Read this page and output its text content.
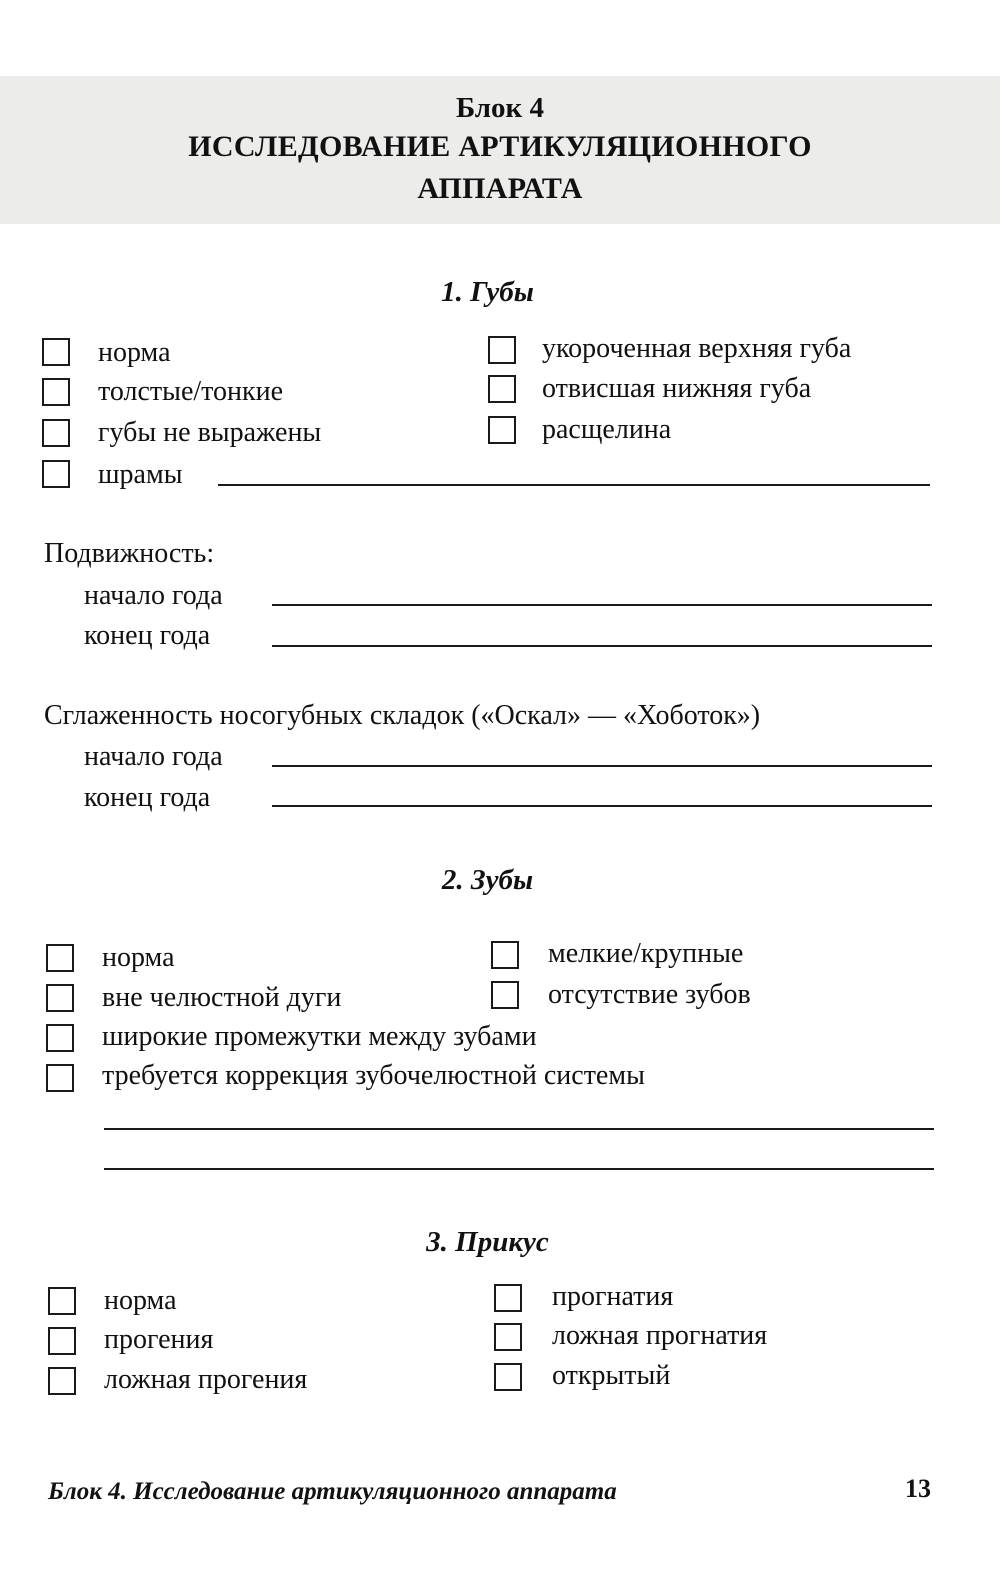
Блок 4
ИССЛЕДОВАНИЕ АРТИКУЛЯЦИОННОГО
АППАРАТА
1. Губы
норма
толстые/тонкие
губы не выражены
шрамы
укороченная верхняя губа
отвисшая нижняя губа
расщелина
Подвижность:
начало года
конец года
Сглаженность носогубных складок («Оскал» — «Хоботок»)
начало года
конец года
2. Зубы
норма
вне челюстной дуги
широкие промежутки между зубами
требуется коррекция зубочелюстной системы
мелкие/крупные
отсутствие зубов
3. Прикус
норма
прогения
ложная прогения
прогнатия
ложная прогнатия
открытый
Блок 4. Исследование артикуляционного аппарата	13
